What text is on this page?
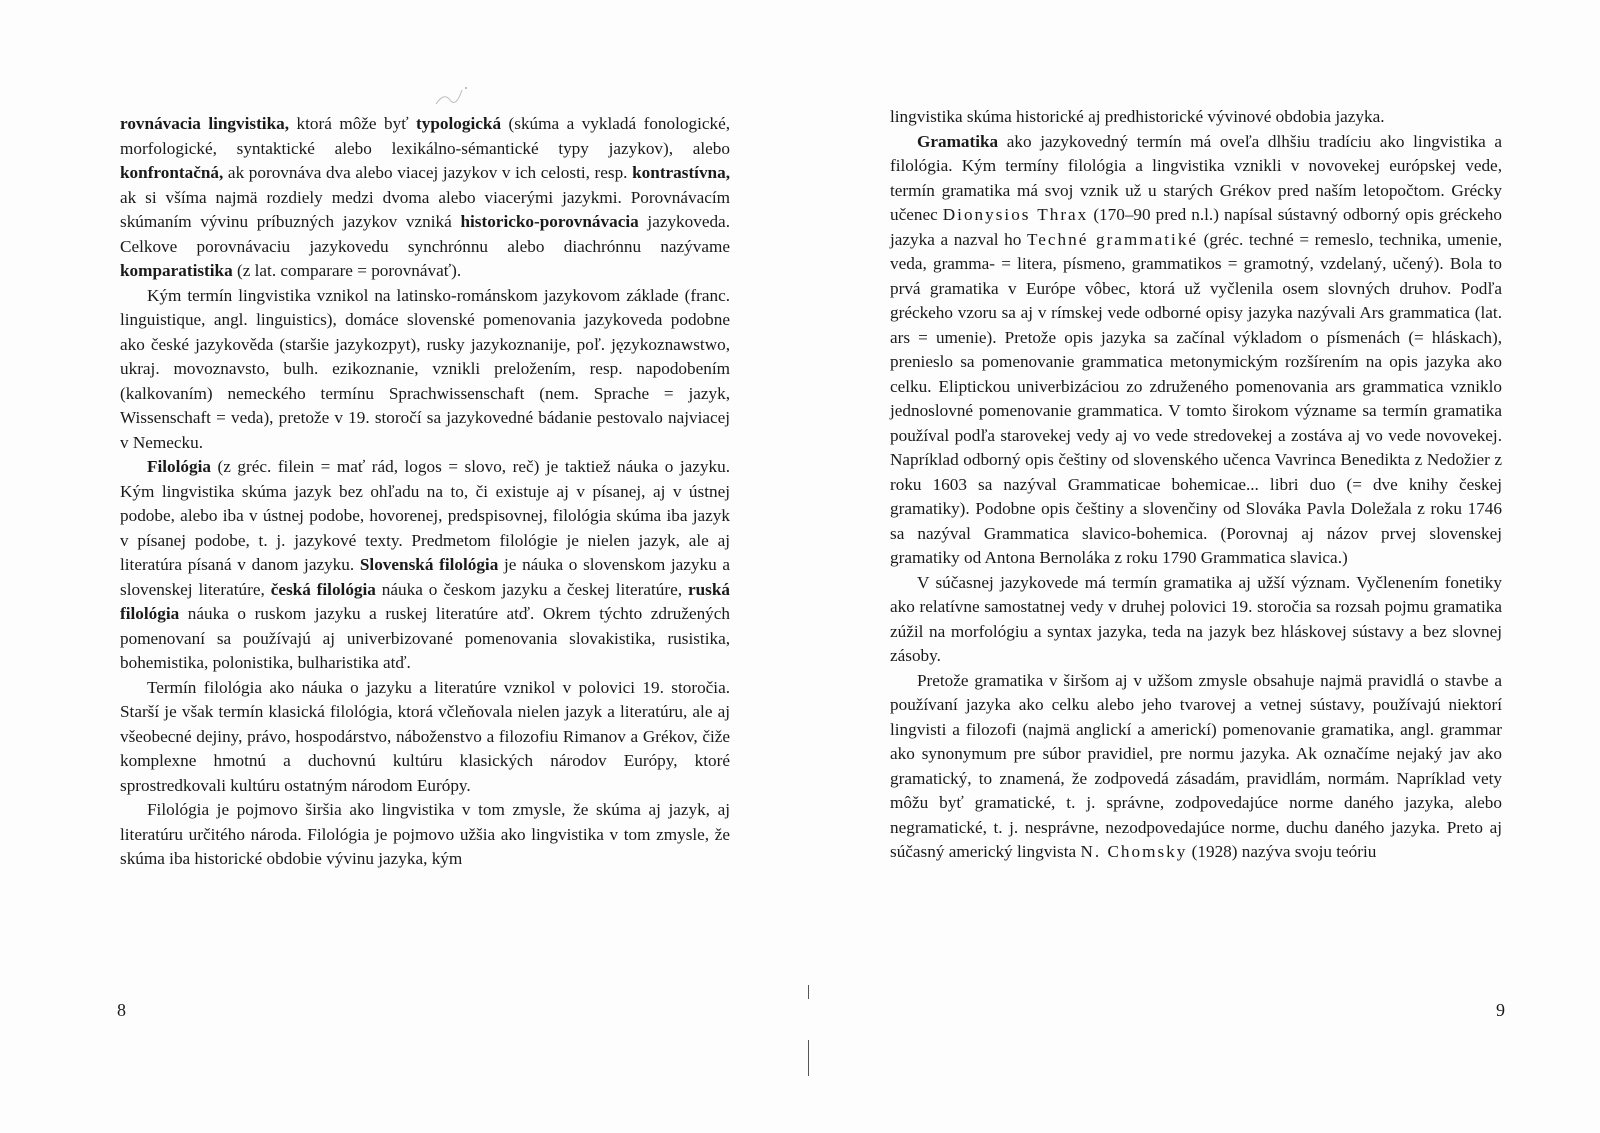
rovnávacia lingvistika, ktorá môže byť typologická (skúma a vykladá fonologické, morfologické, syntaktické alebo lexikálno-sémantické typy jazykov), alebo konfrontačná, ak porovnáva dva alebo viacej jazykov v ich celosti, resp. kontrastívna, ak si všíma najmä rozdiely medzi dvoma alebo viacerými jazykmi. Porovnávacím skúmaním vývinu príbuzných jazykov vzniká historicko-porovnávacia jazykoveda. Celkove porovnávaciu jazykovedu synchrónnu alebo diachrónnu nazývame komparatistika (z lat. comparare = porovnávať).

Kým termín lingvistika vznikol na latinsko-románskom jazykovom základe (franc. linguistique, angl. linguistics), domáce slovenské pomenovania jazykoveda podobne ako české jazykověda (staršie jazykozpyt), rusky jazykoznanije, poľ. językoznawstwo, ukraj. movoznavsto, bulh. ezikoznanie, vznikli preložením, resp. napodobením (kalkovaním) nemeckého termínu Sprachwissenschaft (nem. Sprache = jazyk, Wissenschaft = veda), pretože v 19. storočí sa jazykovedné bádanie pestovalo najviacej v Nemecku.

Filológia (z gréc. filein = mať rád, logos = slovo, reč) je taktiež náuka o jazyku. Kým lingvistika skúma jazyk bez ohľadu na to, či existuje aj v písanej, aj v ústnej podobe, alebo iba v ústnej podobe, hovorenej, predspisovnej, filológia skúma iba jazyk v písanej podobe, t. j. jazykové texty. Predmetom filológie je nielen jazyk, ale aj literatúra písaná v danom jazyku. Slovenská filológia je náuka o slovenskom jazyku a slovenskej literatúre, česká filológia náuka o českom jazyku a českej literatúre, ruská filológia náuka o ruskom jazyku a ruskej literatúre atď. Okrem týchto združených pomenovaní sa používajú aj univerbizované pomenovania slovakistika, rusistika, bohemistika, polonistika, bulharistika atď.

Termín filológia ako náuka o jazyku a literatúre vznikol v polovici 19. storočia. Starší je však termín klasická filológia, ktorá včleňovala nielen jazyk a literatúru, ale aj všeobecné dejiny, právo, hospodárstvo, náboženstvo a filozofiu Rimanov a Grékov, čiže komplexne hmotnú a duchovnú kultúru klasických národov Európy, ktoré sprostredkovali kultúru ostatným národom Európy.

Filológia je pojmovo širšia ako lingvistika v tom zmysle, že skúma aj jazyk, aj literatúru určitého národa. Filológia je pojmovo užšia ako lingvistika v tom zmysle, že skúma iba historické obdobie vývinu jazyka, kým

8

lingvistika skúma historické aj predhistorické vývinové obdobia jazyka.

Gramatika ako jazykovedný termín má oveľa dlhšiu tradíciu ako lingvistika a filológia. Kým termíny filológia a lingvistika vznikli v novovekej európskej vede, termín gramatika má svoj vznik už u starých Grékov pred naším letopočtom. Grécky učenec Dionysios Thrax (170–90 pred n.l.) napísal sústavný odborný opis gréckeho jazyka a nazval ho Techné grammatiké (gréc. techné = remeslo, technika, umenie, veda, gramma- = litera, písmeno, grammatikos = gramotný, vzdelaný, učený). Bola to prvá gramatika v Európe vôbec, ktorá už vyčlenila osem slovných druhov. Podľa gréckeho vzoru sa aj v rímskej vede odborné opisy jazyka nazývali Ars grammatica (lat. ars = umenie). Pretože opis jazyka sa začínal výkladom o písmenách (= hláskach), prenieslo sa pomenovanie grammatica metonymickým rozšírením na opis jazyka ako celku. Eliptickou univerbizáciou zo združeného pomenovania ars grammatica vzniklo jednoslovné pomenovanie grammatica. V tomto širokom význame sa termín gramatika používal podľa starovekej vedy aj vo vede stredovekej a zostáva aj vo vede novovekej. Napríklad odborný opis češtiny od slovenského učenca Vavrinca Benedikta z Nedožier z roku 1603 sa nazýval Grammaticae bohemicae... libri duo (= dve knihy českej gramatiky). Podobne opis češtiny a slovenčiny od Slováka Pavla Doležala z roku 1746 sa nazýval Grammatica slavico-bohemica. (Porovnaj aj názov prvej slovenskej gramatiky od Antona Bernoláka z roku 1790 Grammatica slavica.)

V súčasnej jazykovede má termín gramatika aj užší význam. Vyčlenením fonetiky ako relatívne samostatnej vedy v druhej polovici 19. storočia sa rozsah pojmu gramatika zúžil na morfológiu a syntax jazyka, teda na jazyk bez hláskovej sústavy a bez slovnej zásoby.

Pretože gramatika v širšom aj v užšom zmysle obsahuje najmä pravidlá o stavbe a používaní jazyka ako celku alebo jeho tvarovej a vetnej sústavy, používajú niektorí lingvisti a filozofi (najmä anglickí a americkí) pomenovanie gramatika, angl. grammar ako synonymum pre súbor pravidiel, pre normu jazyka. Ak označíme nejaký jav ako gramatický, to znamená, že zodpovedá zásadám, pravidlám, normám. Napríklad vety môžu byť gramatické, t. j. správne, zodpovedajúce norme daného jazyka, alebo negramatické, t. j. nesprávne, nezodpovedajúce norme, duchu daného jazyka. Preto aj súčasný americký lingvista N. Chomsky (1928) nazýva svoju teóriu

9
